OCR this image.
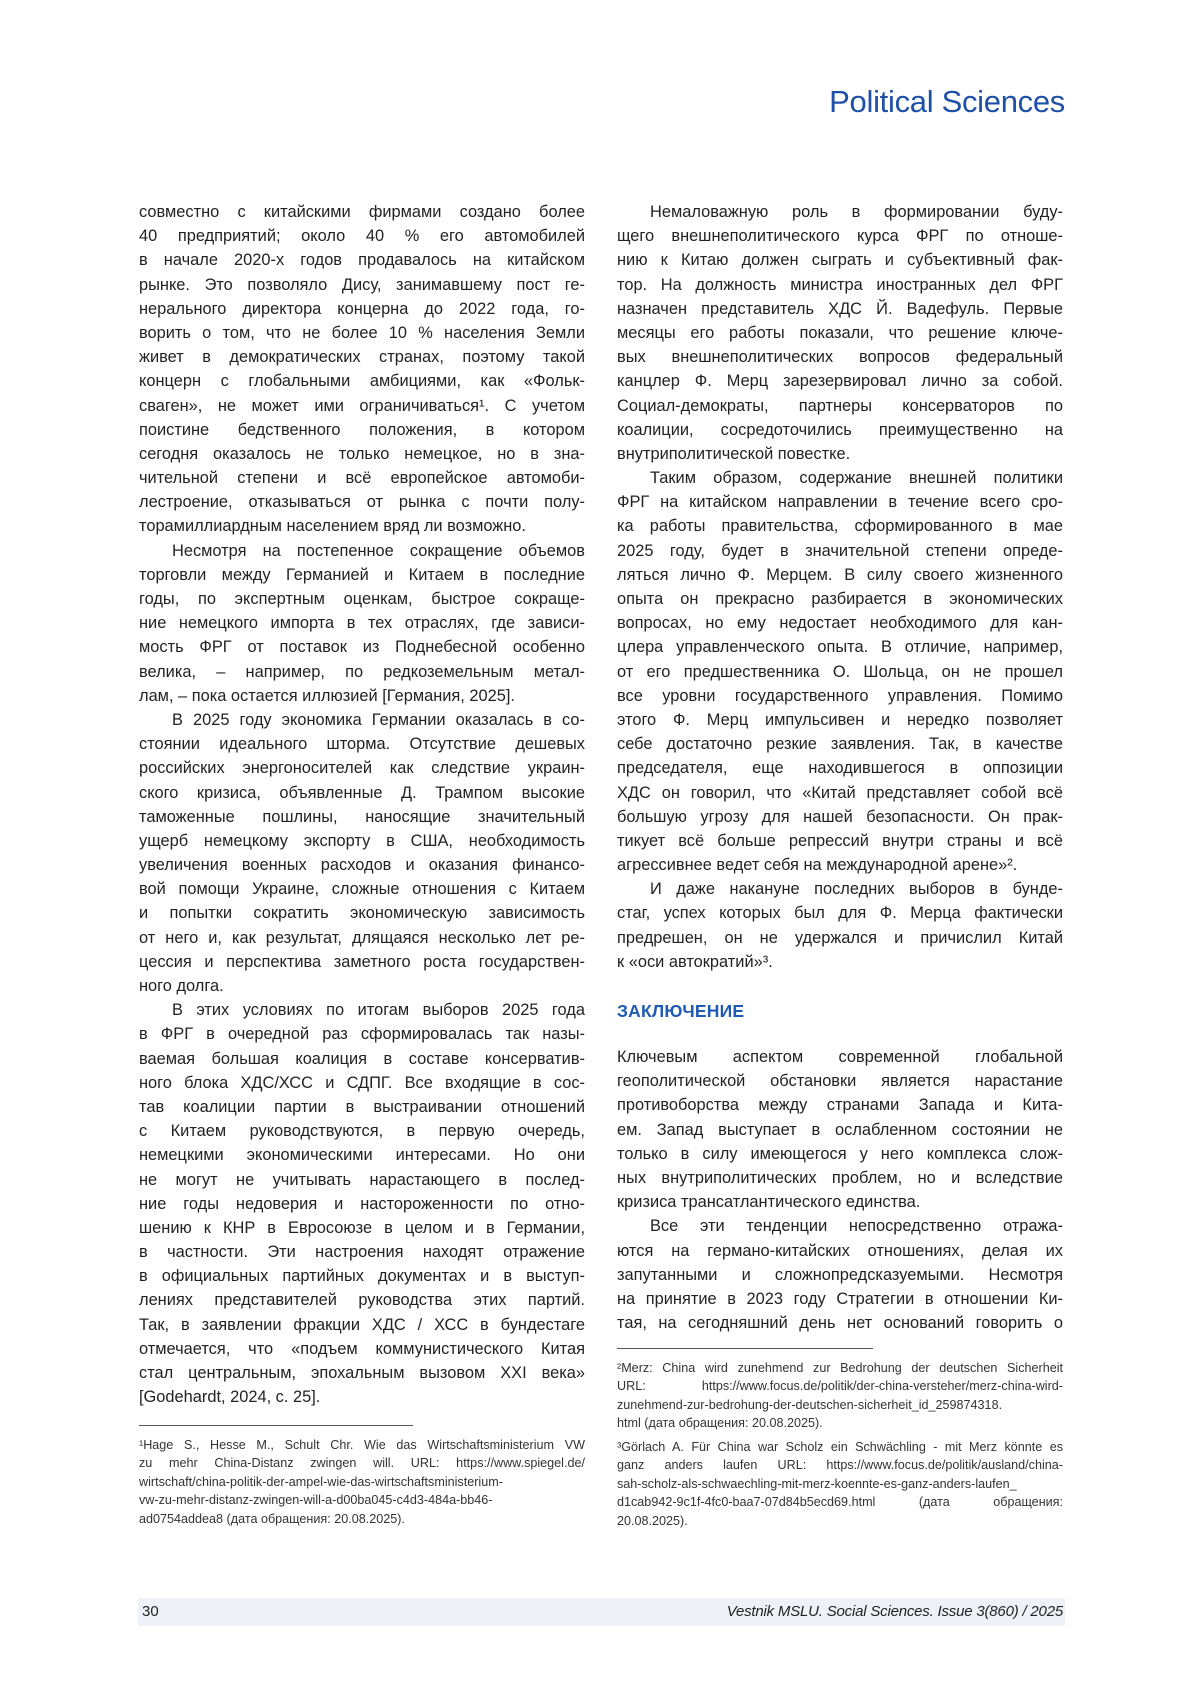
Political Sciences
совместно с китайскими фирмами создано более
40 предприятий; около 40 % его автомобилей
в начале 2020-х годов продавалось на китайском
рынке. Это позволяло Дису, занимавшему пост ге-
нерального директора концерна до 2022 года, го-
ворить о том, что не более 10 % населения Земли
живет в демократических странах, поэтому такой
концерн с глобальными амбициями, как «Фольк-
сваген», не может ими ограничиваться¹. С учетом
поистине бедственного положения, в котором
сегодня оказалось не только немецкое, но в зна-
чительной степени и всё европейское автомоби-
лестроение, отказываться от рынка с почти полу-
торамиллиардным населением вряд ли возможно.
Несмотря на постепенное сокращение объемов
торговли между Германией и Китаем в последние
годы, по экспертным оценкам, быстрое сокраще-
ние немецкого импорта в тех отраслях, где зависи-
мость ФРГ от поставок из Поднебесной особенно
велика, – например, по редкоземельным метал-
лам, – пока остается иллюзией [Германия, 2025].
В 2025 году экономика Германии оказалась в со-
стоянии идеального шторма. Отсутствие дешевых
российских энергоносителей как следствие украин-
ского кризиса, объявленные Д. Трампом высокие
таможенные пошлины, наносящие значительный
ущерб немецкому экспорту в США, необходимость
увеличения военных расходов и оказания финансо-
вой помощи Украине, сложные отношения с Китаем
и попытки сократить экономическую зависимость
от него и, как результат, длящаяся несколько лет ре-
цессия и перспектива заметного роста государствен-
ного долга.
В этих условиях по итогам выборов 2025 года
в ФРГ в очередной раз сформировалась так назы-
ваемая большая коалиция в составе консерватив-
ного блока ХДС/ХСС и СДПГ. Все входящие в сос-
тав коалиции партии в выстраивании отношений
с Китаем руководствуются, в первую очередь,
немецкими экономическими интересами. Но они
не могут не учитывать нарастающего в послед-
ние годы недоверия и настороженности по отно-
шению к КНР в Евросоюзе в целом и в Германии,
в частности. Эти настроения находят отражение
в официальных партийных документах и в выступ-
лениях представителей руководства этих партий.
Так, в заявлении фракции ХДС / ХСС в бундестаге
отмечается, что «подъем коммунистического Китая
стал центральным, эпохальным вызовом XXI века»
[Godehardt, 2024, с. 25].
Немаловажную роль в формировании буду-
щего внешнеполитического курса ФРГ по отноше-
нию к Китаю должен сыграть и субъективный фак-
тор. На должность министра иностранных дел ФРГ
назначен представитель ХДС Й. Вадефуль. Первые
месяцы его работы показали, что решение ключе-
вых внешнеполитических вопросов федеральный
канцлер Ф. Мерц зарезервировал лично за собой.
Социал-демократы, партнеры консерваторов по
коалиции, сосредоточились преимущественно на
внутриполитической повестке.
Таким образом, содержание внешней политики
ФРГ на китайском направлении в течение всего сро-
ка работы правительства, сформированного в мае
2025 году, будет в значительной степени опреде-
ляться лично Ф. Мерцем. В силу своего жизненного
опыта он прекрасно разбирается в экономических
вопросах, но ему недостает необходимого для кан-
цлера управленческого опыта. В отличие, например,
от его предшественника О. Шольца, он не прошел
все уровни государственного управления. Помимо
этого Ф. Мерц импульсивен и нередко позволяет
себе достаточно резкие заявления. Так, в качестве
председателя, еще находившегося в оппозиции
ХДС он говорил, что «Китай представляет собой всё
большую угрозу для нашей безопасности. Он прак-
тикует всё больше репрессий внутри страны и всё
агрессивнее ведет себя на международной арене»².
И даже накануне последних выборов в бунде-
стаг, успех которых был для Ф. Мерца фактически
предрешен, он не удержался и причислил Китай
к «оси автократий»³.
ЗАКЛЮЧЕНИЕ
Ключевым аспектом современной глобальной
геополитической обстановки является нарастание
противоборства между странами Запада и Кита-
ем. Запад выступает в ослабленном состоянии не
только в силу имеющегося у него комплекса слож-
ных внутриполитических проблем, но и вследствие
кризиса трансатлантического единства.
Все эти тенденции непосредственно отража-
ются на германо-китайских отношениях, делая их
запутанными и сложнопредсказуемыми. Несмотря
на принятие в 2023 году Стратегии в отношении Ки-
тая, на сегодняшний день нет оснований говорить о
¹Hage S., Hesse M., Schult Chr. Wie das Wirtschaftsministerium VW
zu mehr China-Distanz zwingen will. URL: https://www.spiegel.de/
wirtschaft/china-politik-der-ampel-wie-das-wirtschaftsministerium-
vw-zu-mehr-distanz-zwingen-will-a-d00ba045-c4d3-484a-bb46-
ad0754addea8 (дата обращения: 20.08.2025).
²Merz: China wird zunehmend zur Bedrohung der deutschen Sicherheit
URL: https://www.focus.de/politik/der-china-versteher/merz-china-wird-
zunehmend-zur-bedrohung-der-deutschen-sicherheit_id_259874318.
html (дата обращения: 20.08.2025).
³Görlach A. Für China war Scholz ein Schwächling - mit Merz könnte es
ganz anders laufen URL: https://www.focus.de/politik/ausland/china-
sah-scholz-als-schwaechling-mit-merz-koennte-es-ganz-anders-laufen_
d1cab942-9c1f-4fc0-baa7-07d84b5ecd69.html (дата обращения:
20.08.2025).
30	Vestnik MSLU. Social Sciences. Issue 3(860) / 2025
